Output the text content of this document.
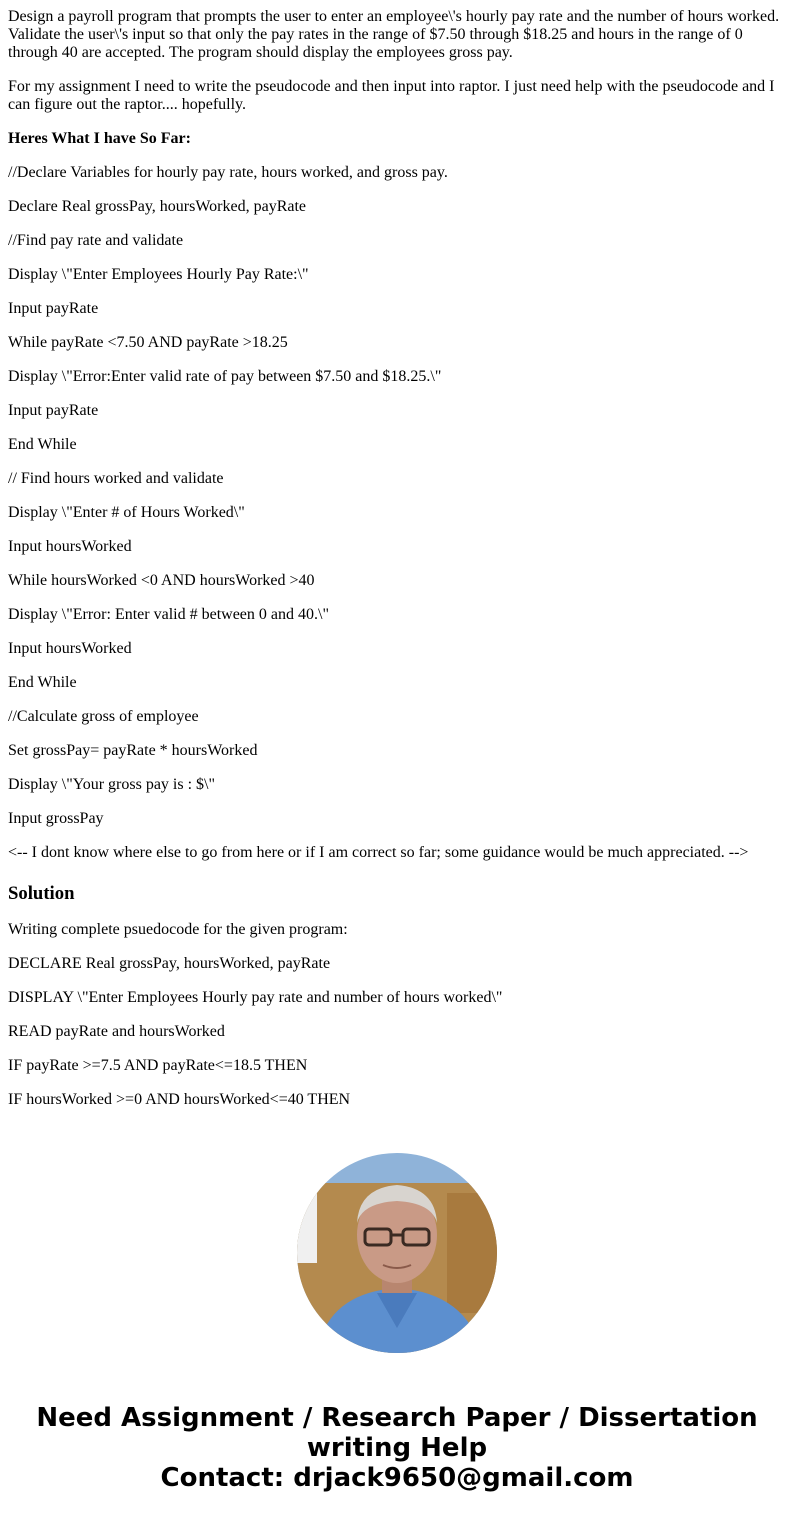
Design a payroll program that prompts the user to enter an employee\'s hourly pay rate and the number of hours worked. Validate the user\'s input so that only the pay rates in the range of $7.50 through $18.25 and hours in the range of 0 through 40 are accepted. The program should display the employees gross pay.

For my assignment I need to write the pseudocode and then input into raptor. I just need help with the pseudocode and I can figure out the raptor.... hopefully.

Heres What I have So Far:

//Declare Variables for hourly pay rate, hours worked, and gross pay.

Declare Real grossPay, hoursWorked, payRate

//Find pay rate and validate

Display \"Enter Employees Hourly Pay Rate:\"

Input payRate

While payRate <7.50 AND payRate >18.25

Display \"Error:Enter valid rate of pay between $7.50 and $18.25.\"

Input payRate

End While

// Find hours worked and validate

Display \"Enter # of Hours Worked\"

Input hoursWorked

While hoursWorked <0 AND hoursWorked >40

Display \"Error: Enter valid # between 0 and 40.\"

Input hoursWorked

End While

//Calculate gross of employee

Set grossPay= payRate * hoursWorked

Display \"Your gross pay is : $\"

Input grossPay

<-- I dont know where else to go from here or if I am correct so far; some guidance would be much appreciated. -->

Solution

Writing complete psuedocode for the given program:

DECLARE Real grossPay, hoursWorked, payRate

DISPLAY \"Enter Employees Hourly pay rate and number of hours worked\"

READ payRate and hoursWorked

IF payRate >=7.5 AND payRate<=18.5 THEN

IF hoursWorked >=0 AND hoursWorked<=40 THEN

Need Assignment / Research Paper / Dissertation
writing Help
Contact: drjack9650@gmail.com
